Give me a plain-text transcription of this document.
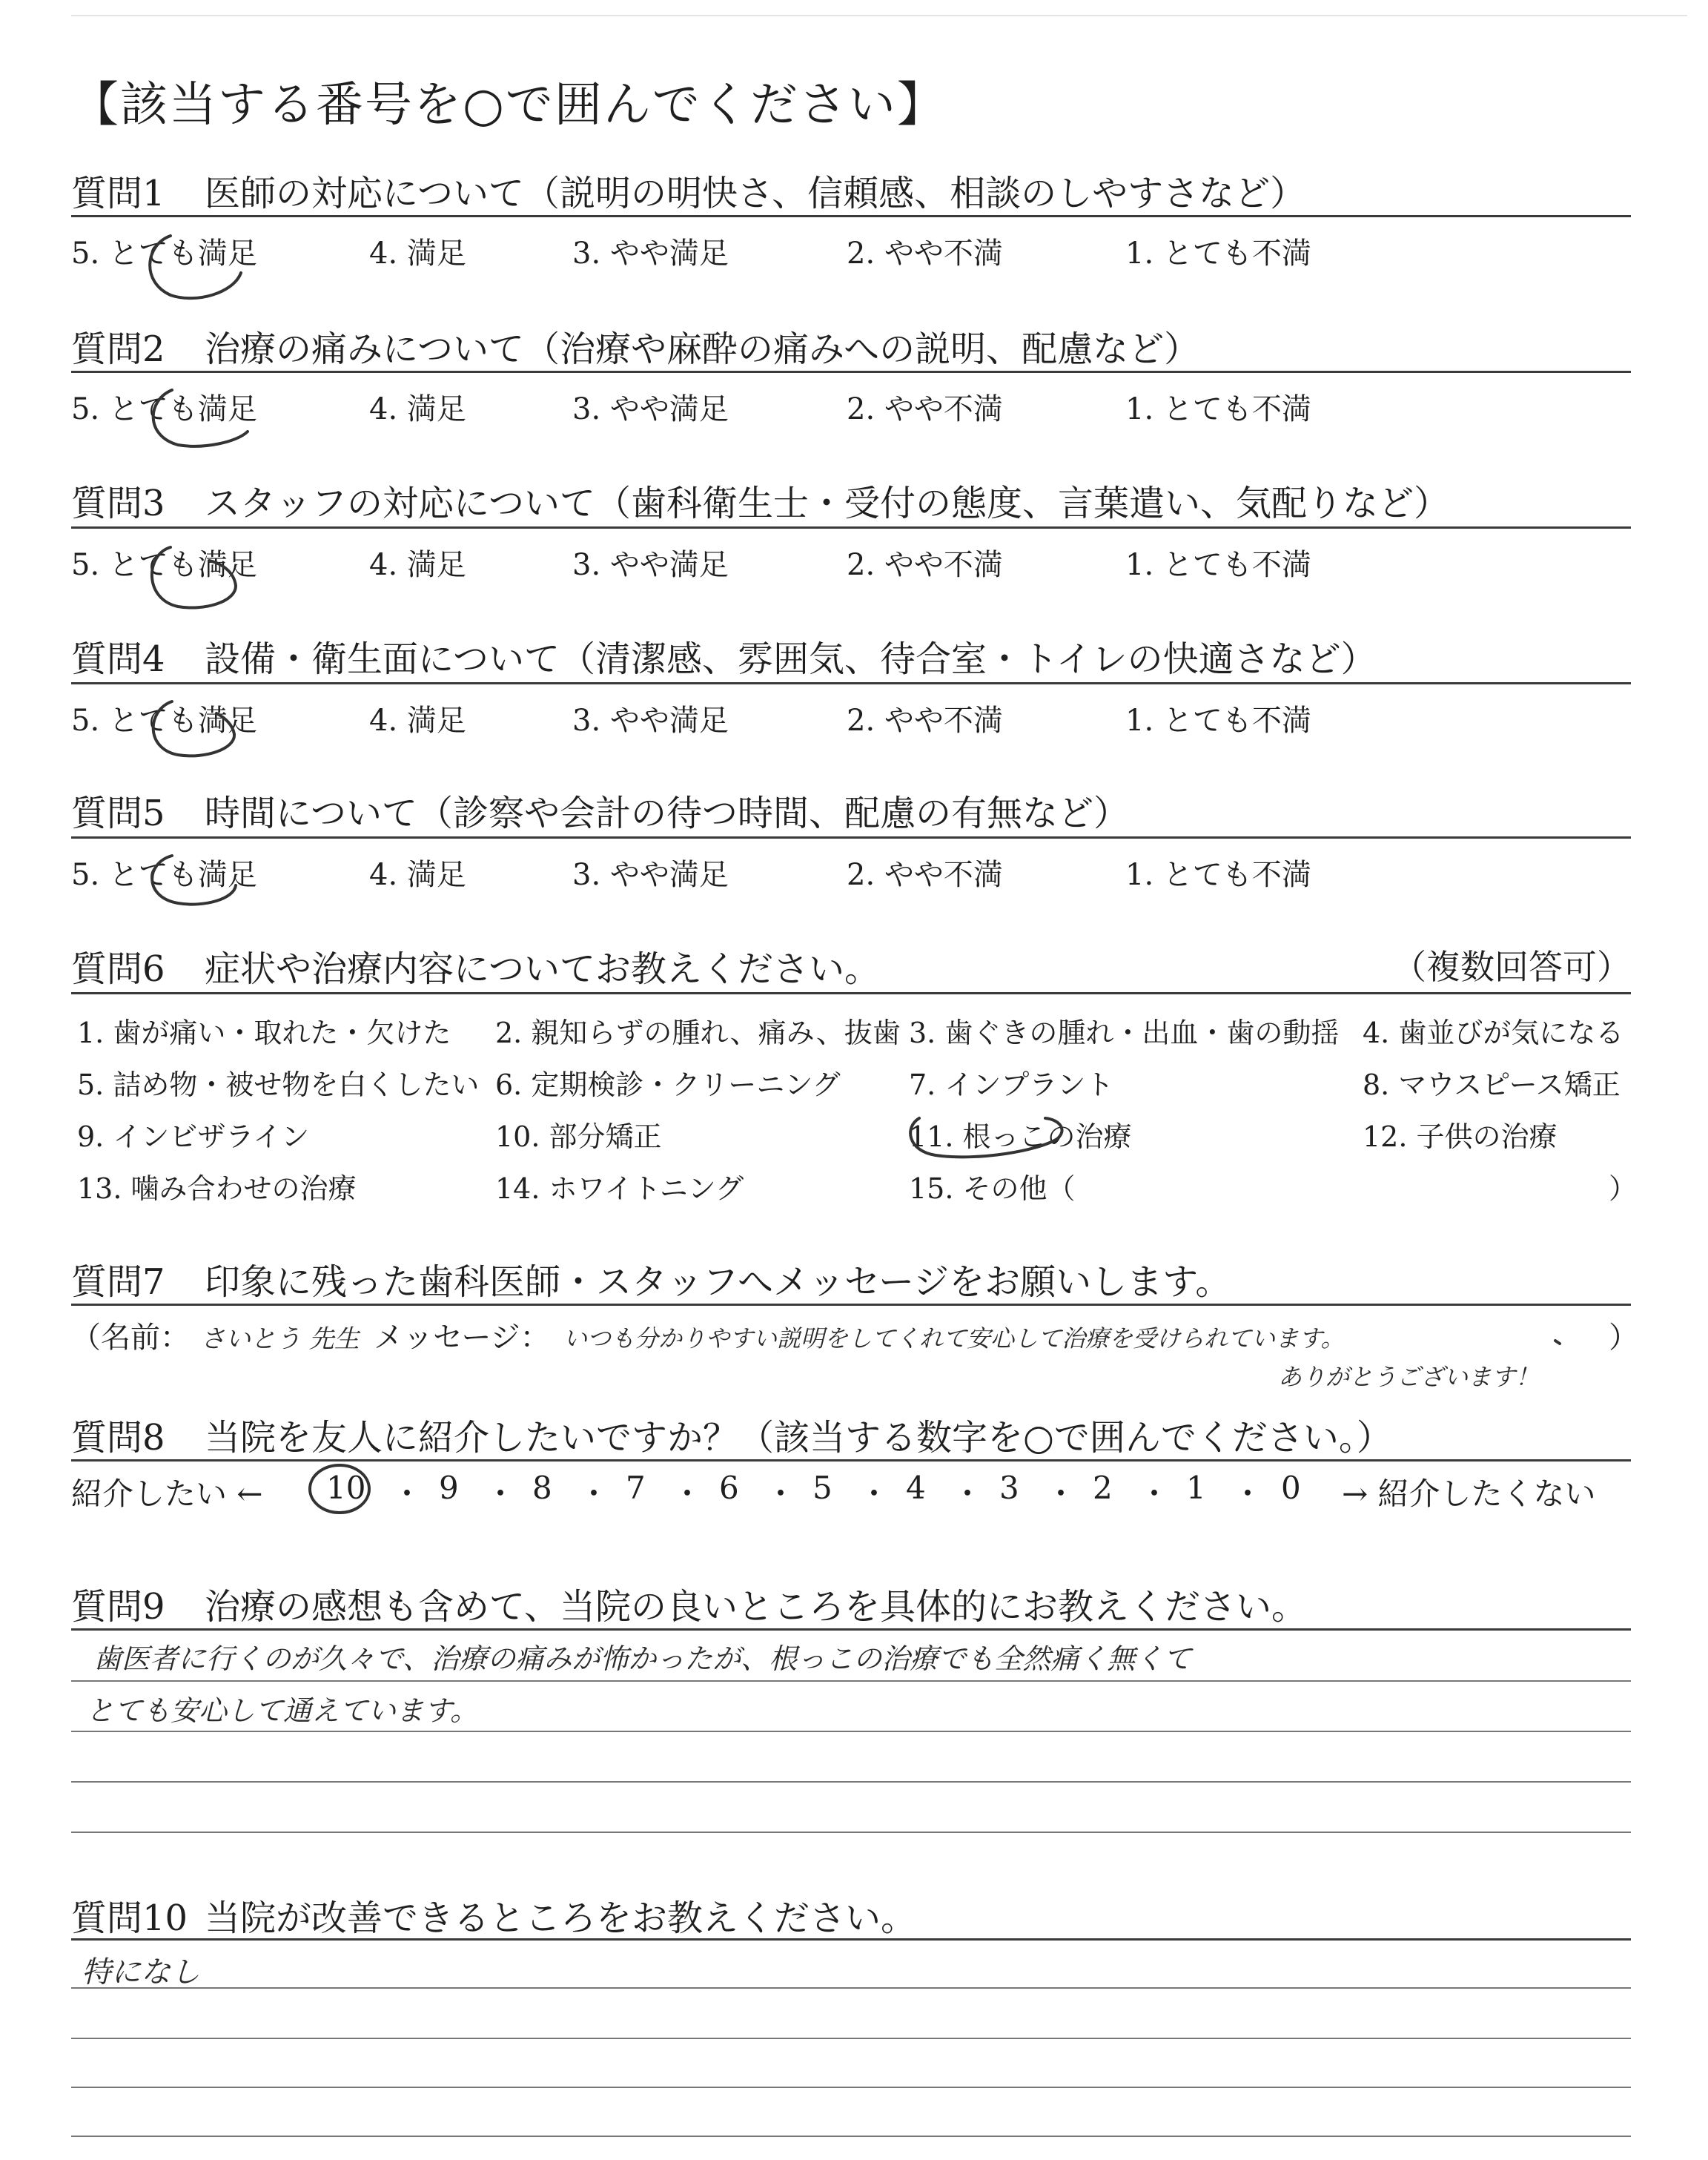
【該当する番号を○で囲んでください】
質問1 医師の対応について（説明の明快さ、信頼感、相談のしやすさなど）
5. とても満足	4. 満足	3. やや満足	2. やや不満	1. とても不満
質問2 治療の痛みについて（治療や麻酔の痛みへの説明、配慮など）
5. とても満足	4. 満足	3. やや満足	2. やや不満	1. とても不満
質問3 スタッフの対応について（歯科衛生士・受付の態度、言葉遣い、気配りなど）
5. とても満足	4. 満足	3. やや満足	2. やや不満	1. とても不満
質問4 設備・衛生面について（清潔感、雰囲気、待合室・トイレの快適さなど）
5. とても満足	4. 満足	3. やや満足	2. やや不満	1. とても不満
質問5 時間について（診察や会計の待つ時間、配慮の有無など）
5. とても満足	4. 満足	3. やや満足	2. やや不満	1. とても不満
質問6 症状や治療内容についてお教えください。	（複数回答可）
1. 歯が痛い・取れた・欠けた 2. 親知らずの腫れ、痛み、抜歯 3. 歯ぐきの腫れ・出血・歯の動揺 4. 歯並びが気になる
5. 詰め物・被せ物を白くしたい 6. 定期検診・クリーニング 7. インプラント	8. マウスピース矯正
9. インビザライン	10. 部分矯正	11. 根っこの治療	12. 子供の治療
13. 噛み合わせの治療	14. ホワイトニング	15. その他（	）
質問7 印象に残った歯科医師・スタッフへメッセージをお願いします。
（名前： さいとう 先生 メッセージ： いつも分かりやすい説明をしてくれて安心して治療を受けられています。
ありがとうございます！
）
質問8 当院を友人に紹介したいですか？（該当する数字を○で囲んでください。）
紹介したい ← 10 ・ 9 ・ 8 ・ 7 ・ 6 ・ 5 ・ 4 ・ 3 ・ 2 ・ 1 ・ 0 → 紹介したくない
質問9 治療の感想も含めて、当院の良いところを具体的にお教えください。
歯医者に行くのが久々で、治療の痛みが怖かったが、根っこの治療でも全然痛く無くて
とても安心して通えています。
質問10 当院が改善できるところをお教えください。
特になし
